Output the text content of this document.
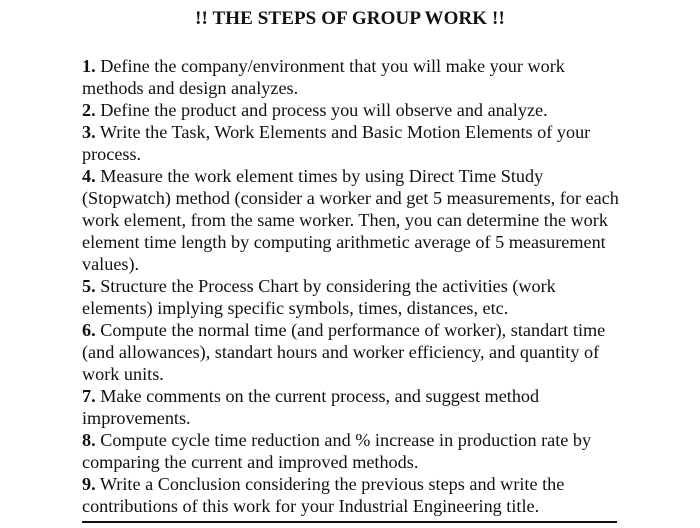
!! THE STEPS OF GROUP WORK !!
1. Define the company/environment that you will make your work methods and design analyzes.
2. Define the product and process you will observe and analyze.
3. Write the Task, Work Elements and Basic Motion Elements of your process.
4. Measure the work element times by using Direct Time Study (Stopwatch) method (consider a worker and get 5 measurements, for each work element, from the same worker. Then, you can determine the work element time length by computing arithmetic average of 5 measurement values).
5. Structure the Process Chart by considering the activities (work elements) implying specific symbols, times, distances, etc.
6. Compute the normal time (and performance of worker), standart time (and allowances), standart hours and worker efficiency, and quantity of work units.
7. Make comments on the current process, and suggest method improvements.
8. Compute cycle time reduction and % increase in production rate by comparing the current and improved methods.
9. Write a Conclusion considering the previous steps and write the contributions of this work for your Industrial Engineering title.
